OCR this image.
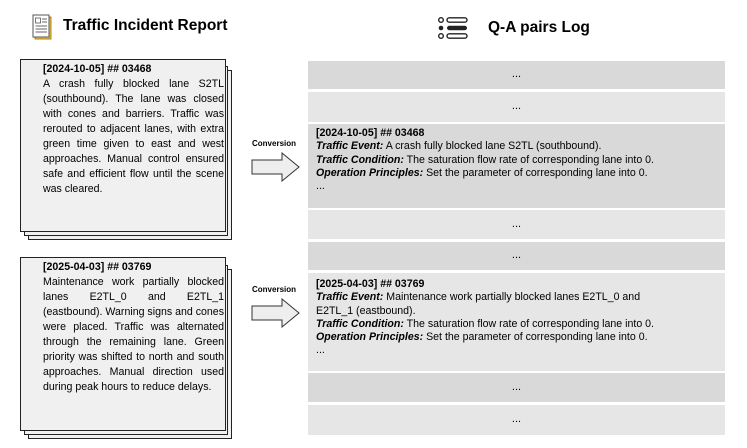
Traffic Incident Report	Q-A pairs Log
[2024-10-05] ## 03468
A crash fully blocked lane S2TL (southbound). The lane was closed with cones and barriers. Traffic was rerouted to adjacent lanes, with extra green time given to east and west approaches. Manual control ensured safe and efficient flow until the scene was cleared.
[2025-04-03] ## 03769
Maintenance work partially blocked lanes E2TL_0 and E2TL_1 (eastbound). Warning signs and cones were placed. Traffic was alternated through the remaining lane. Green priority was shifted to north and south approaches. Manual direction used during peak hours to reduce delays.
Conversion
Conversion
...
...
[2024-10-05] ## 03468
Traffic Event: A crash fully blocked lane S2TL (southbound).
Traffic Condition: The saturation flow rate of corresponding lane into 0.
Operation Principles: Set the parameter of corresponding lane into 0.
...
...
...
[2025-04-03] ## 03769
Traffic Event: Maintenance work partially blocked lanes E2TL_0 and
E2TL_1 (eastbound).
Traffic Condition: The saturation flow rate of corresponding lane into 0.
Operation Principles: Set the parameter of corresponding lane into 0.
...
...
...
